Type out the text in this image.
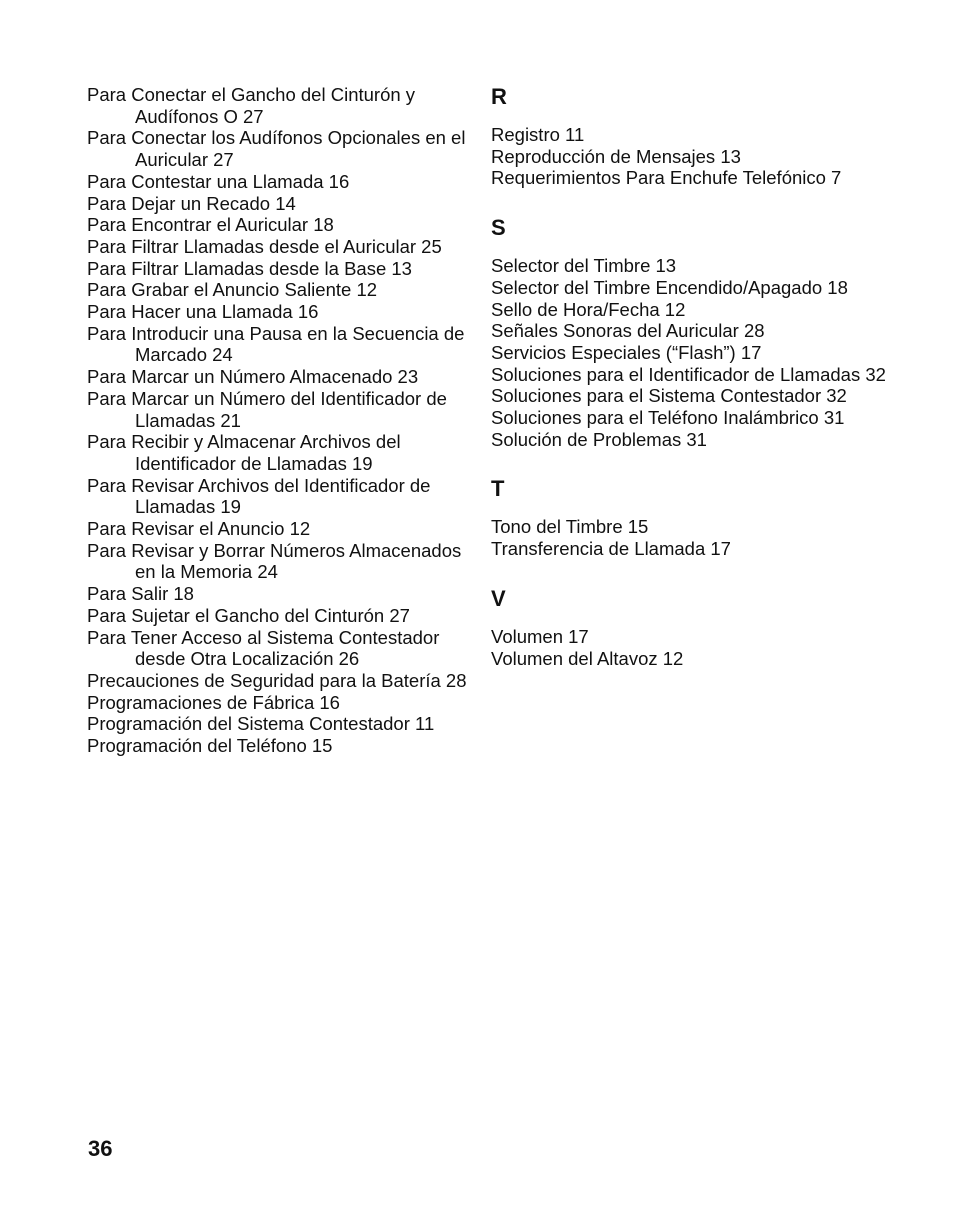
Para Conectar el Gancho del Cinturón y Audífonos O 27
Para Conectar los Audífonos Opcionales en el Auricular 27
Para Contestar una Llamada 16
Para Dejar un Recado 14
Para Encontrar el Auricular 18
Para Filtrar Llamadas desde el Auricular 25
Para Filtrar Llamadas desde la Base 13
Para Grabar el Anuncio Saliente 12
Para Hacer una Llamada 16
Para Introducir una Pausa en la Secuencia de Marcado 24
Para Marcar un Número Almacenado 23
Para Marcar un Número del Identificador de Llamadas 21
Para Recibir y Almacenar Archivos del Identificador de Llamadas 19
Para Revisar Archivos del Identificador de Llamadas 19
Para Revisar el Anuncio 12
Para Revisar y Borrar Números Almacenados en la Memoria 24
Para Salir 18
Para Sujetar el Gancho del Cinturón 27
Para Tener Acceso al Sistema Contestador desde Otra Localización 26
Precauciones de Seguridad para la Batería 28
Programaciones de Fábrica 16
Programación del Sistema Contestador 11
Programación del Teléfono 15
R
Registro 11
Reproducción de Mensajes 13
Requerimientos Para Enchufe Telefónico 7
S
Selector del Timbre 13
Selector del Timbre Encendido/Apagado 18
Sello de Hora/Fecha 12
Señales Sonoras del Auricular 28
Servicios Especiales (“Flash”) 17
Soluciones para el Identificador de Llamadas 32
Soluciones para el Sistema Contestador 32
Soluciones para el Teléfono Inalámbrico 31
Solución de Problemas 31
T
Tono del Timbre 15
Transferencia de Llamada 17
V
Volumen 17
Volumen del Altavoz 12
36
